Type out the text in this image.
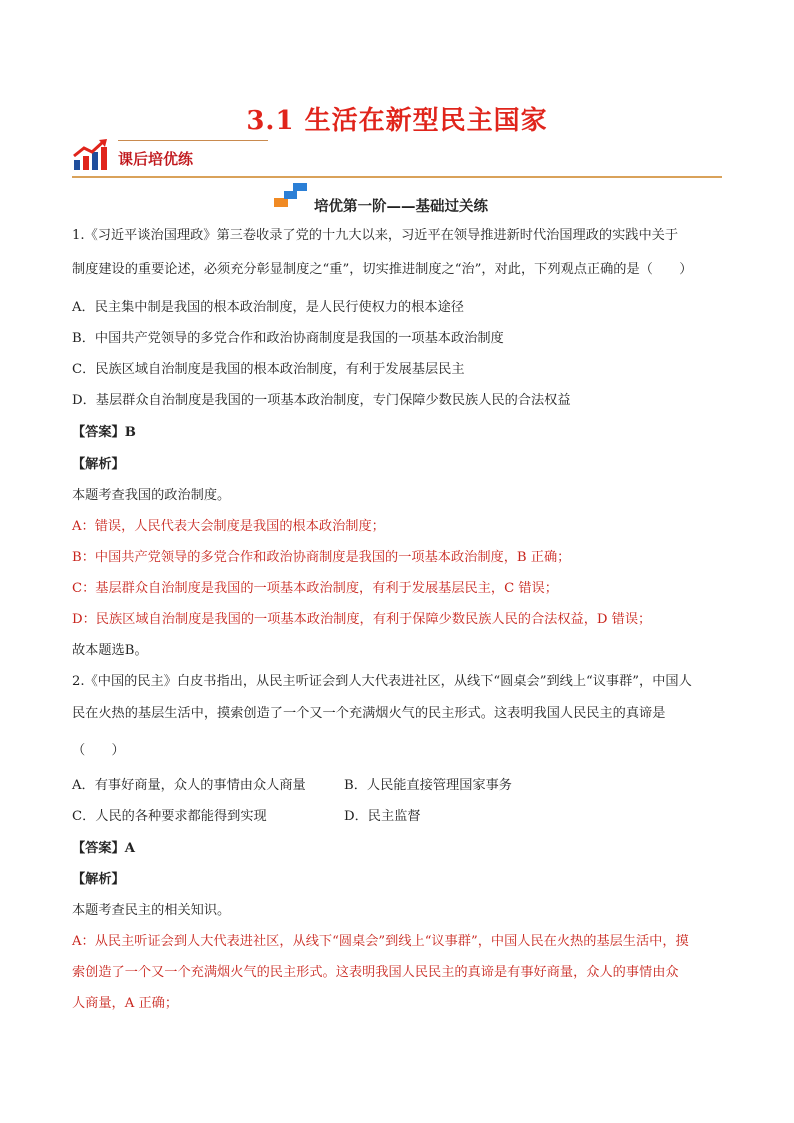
3.1 生活在新型民主国家
课后培优练
培优第一阶——基础过关练
1.《习近平谈治国理政》第三卷收录了党的十九大以来，习近平在领导推进新时代治国理政的实践中关于
制度建设的重要论述，必须充分彰显制度之“重”，切实推进制度之“治”，对此，下列观点正确的是（　　）
A．民主集中制是我国的根本政治制度，是人民行使权力的根本途径
B．中国共产党领导的多党合作和政治协商制度是我国的一项基本政治制度
C．民族区域自治制度是我国的根本政治制度，有利于发展基层民主
D．基层群众自治制度是我国的一项基本政治制度，专门保障少数民族人民的合法权益
【答案】B
【解析】
本题考查我国的政治制度。
A：错误，人民代表大会制度是我国的根本政治制度；
B：中国共产党领导的多党合作和政治协商制度是我国的一项基本政治制度，B 正确；
C：基层群众自治制度是我国的一项基本政治制度，有利于发展基层民主，C 错误；
D：民族区域自治制度是我国的一项基本政治制度，有利于保障少数民族人民的合法权益，D 错误；
故本题选B。
2.《中国的民主》白皮书指出，从民主听证会到人大代表进社区，从线下“圆桌会”到线上“议事群”，中国人
民在火热的基层生活中，摸索创造了一个又一个充满烟火气的民主形式。这表明我国人民民主的真谛是
（　　）
A．有事好商量，众人的事情由众人商量	B．人民能直接管理国家事务
C．人民的各种要求都能得到实现	D．民主监督
【答案】A
【解析】
本题考查民主的相关知识。
A：从民主听证会到人大代表进社区，从线下“圆桌会”到线上“议事群”，中国人民在火热的基层生活中，摸
索创造了一个又一个充满烟火气的民主形式。这表明我国人民民主的真谛是有事好商量，众人的事情由众
人商量，A 正确；
